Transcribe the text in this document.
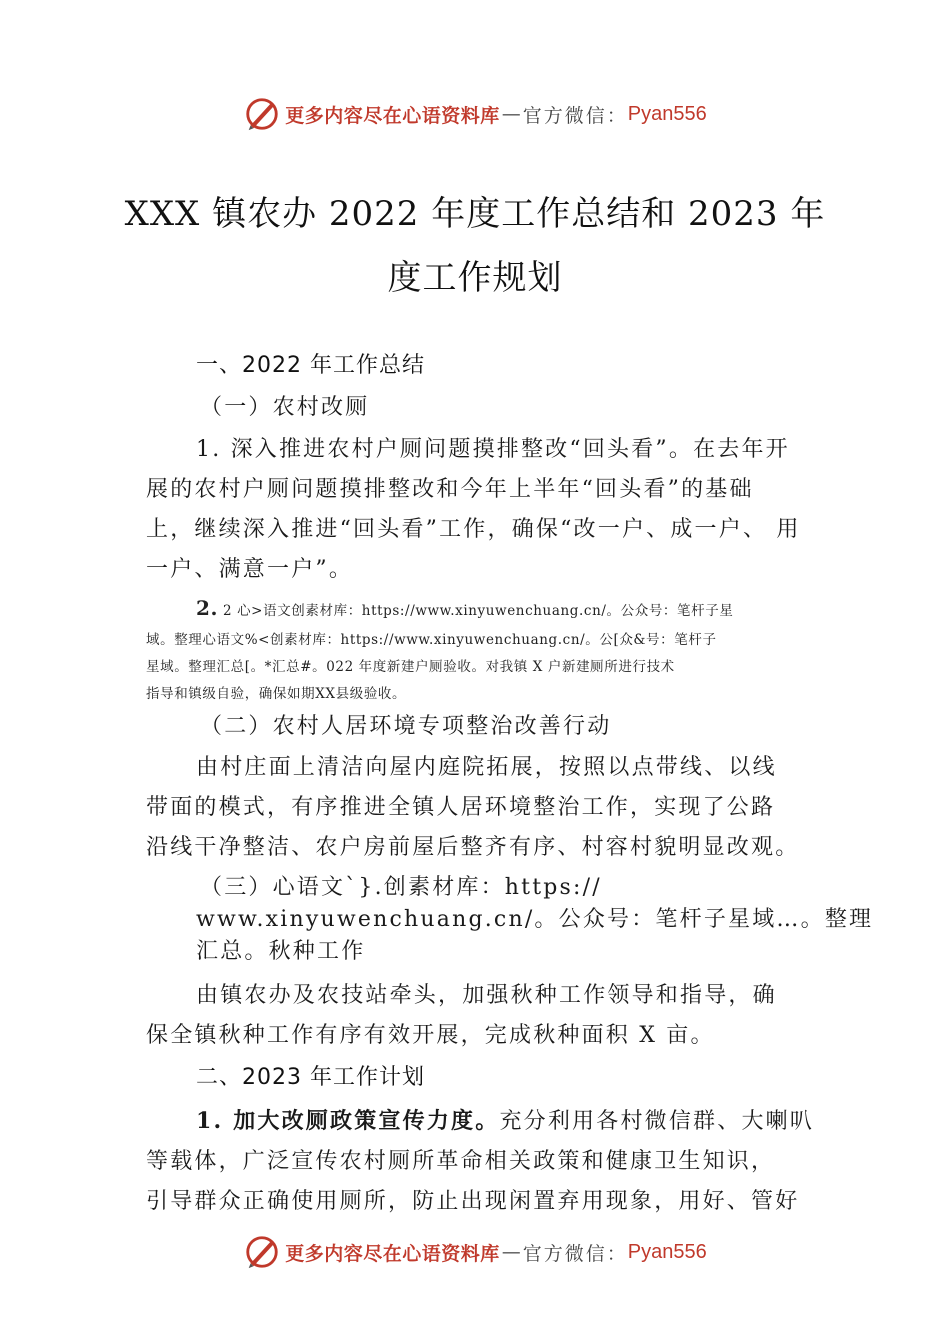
更多内容尽在心语资料库 — 官方微信： Pyan556
XXX 镇农办 2022 年度工作总结和 2023 年
度工作规划
一、2022 年工作总结
（一）农村改厕
1. 深入推进农村户厕问题摸排整改“回头看”。在去年开
展的农村户厕问题摸排整改和今年上半年“回头看”的基础
上，继续深入推进“回头看”工作，确保“改一户、成一户、 用
一户、满意一户”。
2. 2 心>语文创素材库：https://www.xinyuwenchuang.cn/。公众号：笔杆子星
域。整理心语文%<创素材库：https://www.xinyuwenchuang.cn/。公[众&号：笔杆子
星域。整理汇总[。*汇总#。022 年度新建户厕验收。对我镇 X 户新建厕所进行技术
指导和镇级自验，确保如期XX县级验收。
（二）农村人居环境专项整治改善行动
由村庄面上清洁向屋内庭院拓展，按照以点带线、以线
带面的模式，有序推进全镇人居环境整治工作，实现了公路
沿线干净整洁、农户房前屋后整齐有序、村容村貌明显改观。
（三）心语文`}.创素材库：https://
www.xinyuwenchuang.cn/。公众号：笔杆子星域…。整理
汇总。秋种工作
由镇农办及农技站牵头，加强秋种工作领导和指导，确
保全镇秋种工作有序有效开展，完成秋种面积 X 亩。
二、2023 年工作计划
1. 加大改厕政策宣传力度。充分利用各村微信群、大喇叭
等载体，广泛宣传农村厕所革命相关政策和健康卫生知识，
引导群众正确使用厕所，防止出现闲置弃用现象，用好、管好
更多内容尽在心语资料库 — 官方微信： Pyan556
